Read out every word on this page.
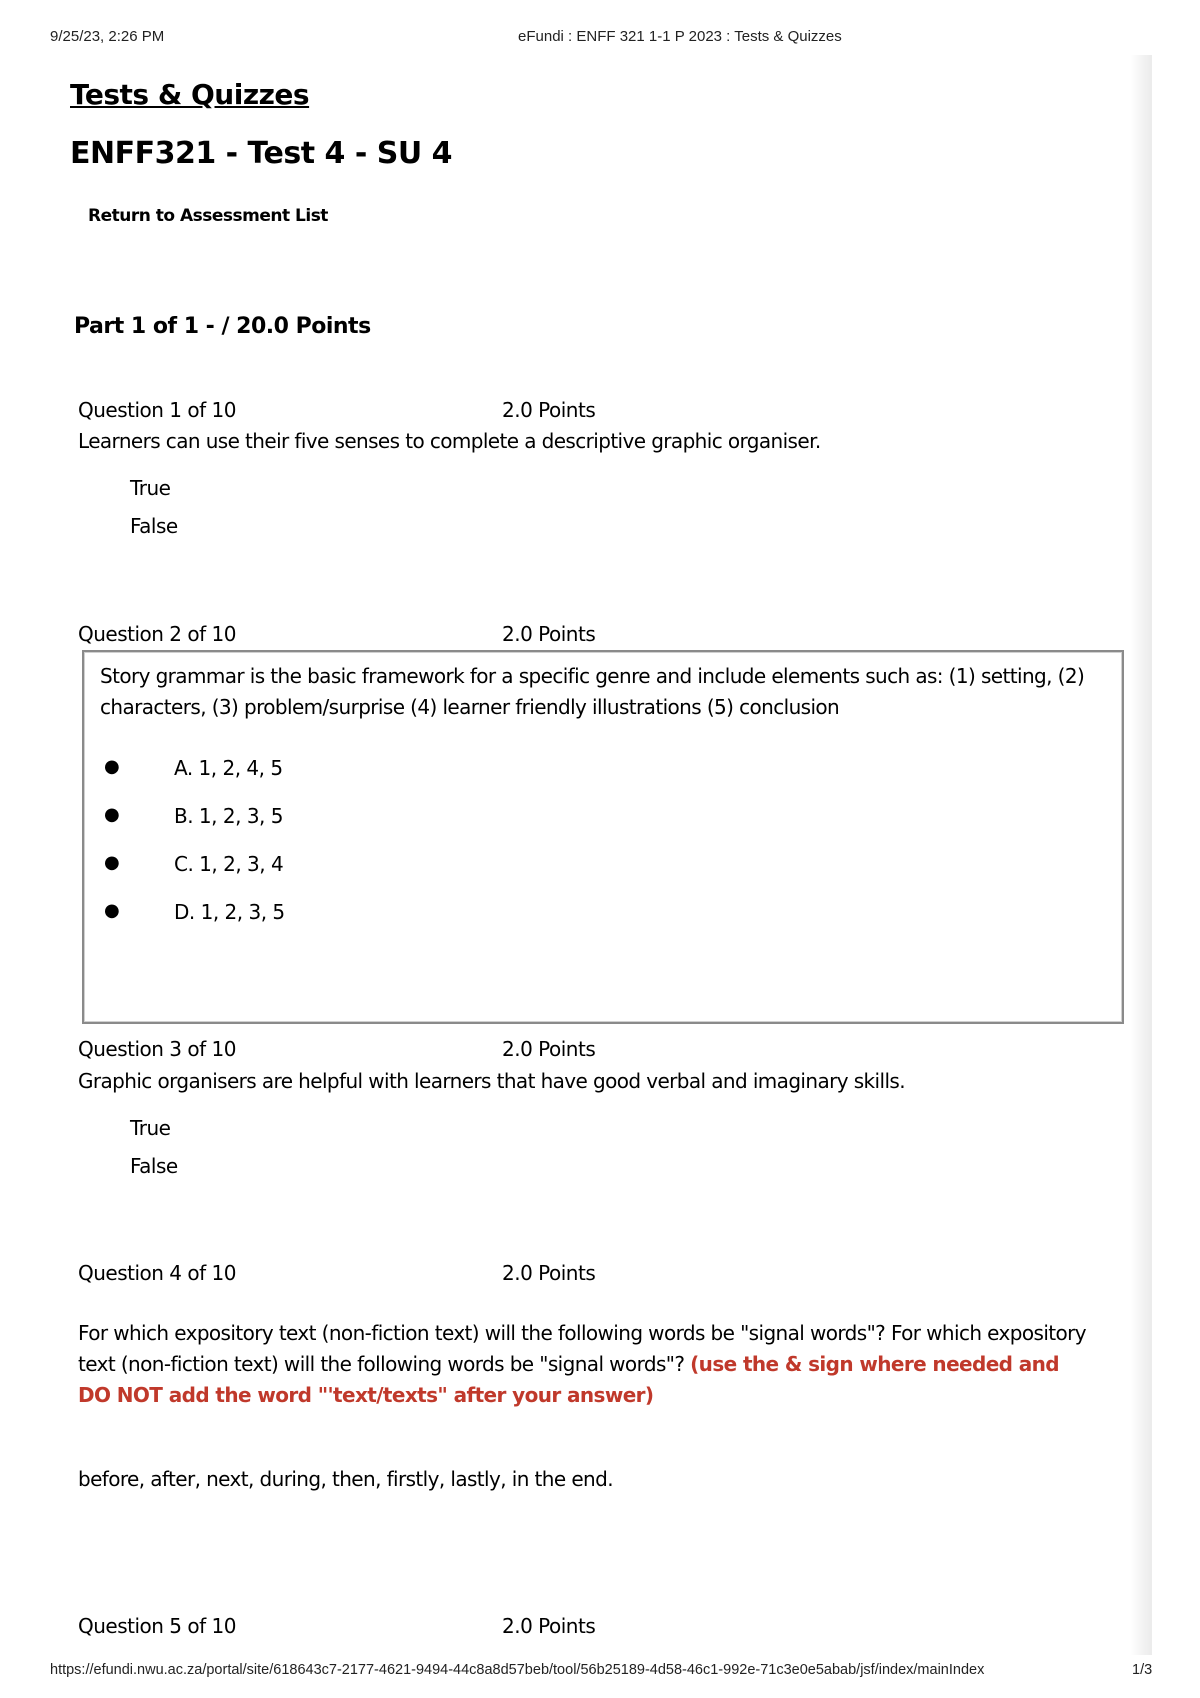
9/25/23, 2:26 PM	eFundi : ENFF 321 1-1 P 2023 : Tests & Quizzes
Tests & Quizzes
ENFF321 - Test 4 - SU 4
Return to Assessment List
Part 1 of 1 - / 20.0 Points
Question 1 of 10	2.0 Points
Learners can use their five senses to complete a descriptive graphic organiser.
True
False
Question 2 of 10	2.0 Points
Story grammar is the basic framework for a specific genre and include elements such as: (1) setting, (2) characters, (3) problem/surprise (4) learner friendly illustrations (5) conclusion
●	A. 1, 2, 4, 5
●	B. 1, 2, 3, 5
●	C. 1, 2, 3, 4
●	D. 1, 2, 3, 5
Question 3 of 10	2.0 Points
Graphic organisers are helpful with learners that have good verbal and imaginary skills.
True
False
Question 4 of 10	2.0 Points
For which expository text (non-fiction text) will the following words be "signal words"? For which expository text (non-fiction text) will the following words be "signal words"? (use the & sign where needed and DO NOT add the word "'text/texts" after your answer)
before, after, next, during, then, firstly, lastly, in the end.
Question 5 of 10	2.0 Points
https://efundi.nwu.ac.za/portal/site/618643c7-2177-4621-9494-44c8a8d57beb/tool/56b25189-4d58-46c1-992e-71c3e0e5abab/jsf/index/mainIndex	1/3
